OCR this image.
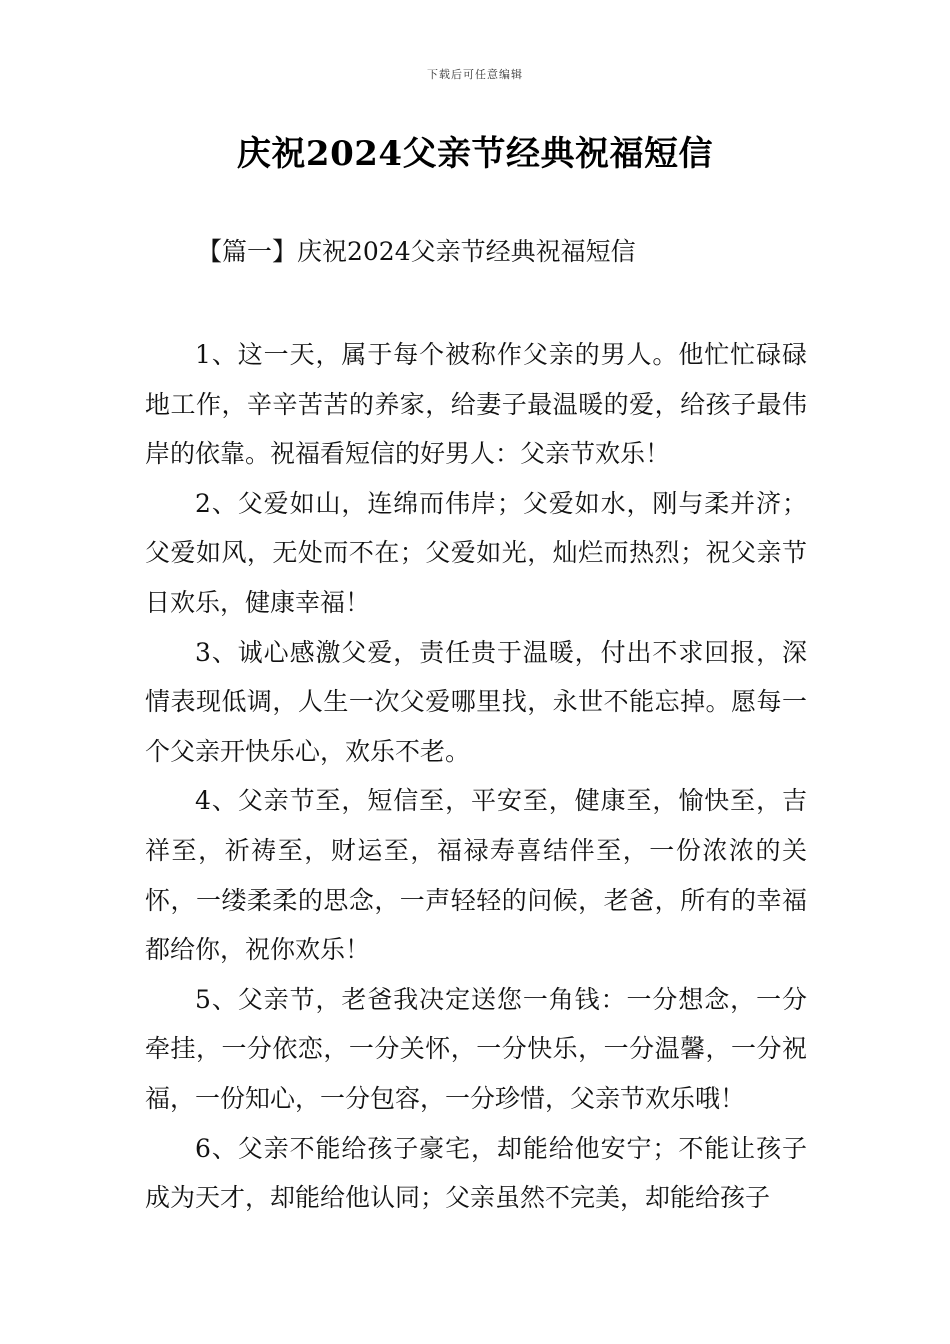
下载后可任意编辑
庆祝2024父亲节经典祝福短信
【篇一】庆祝2024父亲节经典祝福短信

1、这一天，属于每个被称作父亲的男人。他忙忙碌碌地工作，辛辛苦苦的养家，给妻子最温暖的爱，给孩子最伟岸的依靠。祝福看短信的好男人：父亲节欢乐！

2、父爱如山，连绵而伟岸；父爱如水，刚与柔并济；父爱如风，无处而不在；父爱如光，灿烂而热烈；祝父亲节日欢乐，健康幸福！

3、诚心感激父爱，责任贵于温暖，付出不求回报，深情表现低调，人生一次父爱哪里找，永世不能忘掉。愿每一个父亲开快乐心，欢乐不老。

4、父亲节至，短信至，平安至，健康至，愉快至，吉祥至，祈祷至，财运至，福禄寿喜结伴至，一份浓浓的关怀，一缕柔柔的思念，一声轻轻的问候，老爸，所有的幸福都给你，祝你欢乐！

5、父亲节，老爸我决定送您一角钱：一分想念，一分牵挂，一分依恋，一分关怀，一分快乐，一分温馨，一分祝福，一份知心，一分包容，一分珍惜，父亲节欢乐哦！

6、父亲不能给孩子豪宅，却能给他安宁；不能让孩子成为天才，却能给他认同；父亲虽然不完美，却能给孩子
